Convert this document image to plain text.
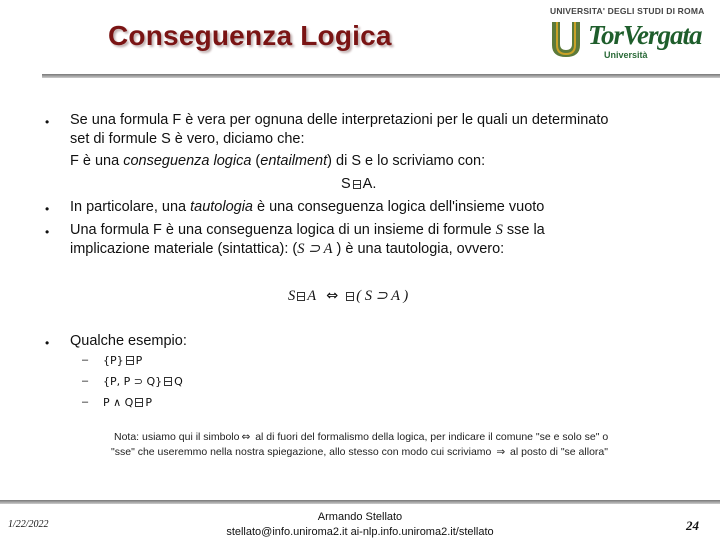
Conseguenza Logica
UNIVERSITA' DEGLI STUDI DI ROMA
TorVergata
Università
• Se una formula F è vera per ognuna delle interpretazioni per le quali un determinato
set di formule S è vero, diciamo che:
F è una conseguenza logica (entailment) di S e lo scriviamo con:
S A.
• In particolare, una tautologia è una conseguenza logica dell'insieme vuoto
• Una formula F è una conseguenza logica di un insieme di formule S sse la
implicazione materiale (sintattica): (S ⊃ A ) è una tautologia, ovvero:
S A ⇔ ( S ⊃ A )
• Qualche esempio:
– {P} P
– {P, P ⊃ Q} Q
– P ∧ Q P
Nota: usiamo qui il simbolo ⇔ al di fuori del formalismo della logica, per indicare il comune "se e solo se" o
"sse" che useremmo nella nostra spiegazione, allo stesso con modo cui scriviamo ⇒ al posto di "se allora"
1/22/2022
Armando Stellato
stellato@info.uniroma2.it ai-nlp.info.uniroma2.it/stellato	24
